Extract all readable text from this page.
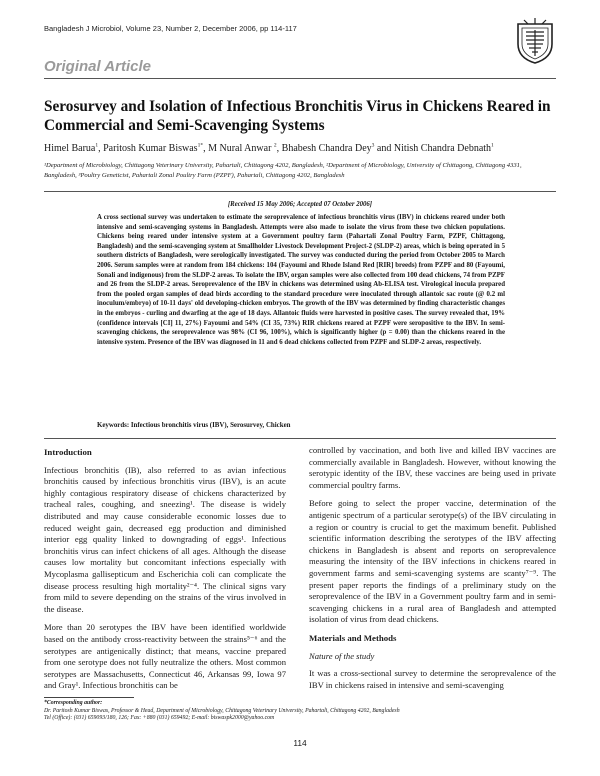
Bangladesh J Microbiol, Volume 23, Number 2, December 2006, pp 114-117
Original Article
Serosurvey and Isolation of Infectious Bronchitis Virus in Chickens Reared in Commercial and Semi-Scavenging Systems
Himel Barua$^1$, Paritosh Kumar Biswas$^{1*}$, M Nural Anwar $^2$, Bhabesh Chandra Dey$^3$ and Nitish Chandra Debnath$^1$
¹Department of Microbiology, Chittagong Veterinary University, Pahartali, Chittagong 4202, Bangladesh, ²Department of Microbiology, University of Chittagong, Chittagong 4331, Bangladesh, ³Poultry Geneticist, Pahartali Zonal Poultry Farm (PZPF), Pahartali, Chittagong 4202, Bangladesh
[Received 15 May 2006; Accepted 07 October 2006]
A cross sectional survey was undertaken to estimate the seroprevalence of infectious bronchitis virus (IBV) in chickens reared under both intensive and semi-scavenging systems in Bangladesh. Attempts were also made to isolate the virus from these two chicken populations. Chickens being reared under intensive system at a Government poultry farm (Pahartali Zonal Poultry Farm, PZPF, Chittagong, Bangladesh) and the semi-scavenging system at Smallholder Livestock Development Project-2 (SLDP-2) areas, which is being operated in 5 southern districts of Bangladesh, were serologically investigated. The survey was conducted during the period from October 2005 to March 2006. Serum samples were at random from 184 chickens: 104 (Fayoumi and Rhode Island Red [RIR] breeds) from PZPF and 80 (Fayoumi, Sonali and indigenous) from the SLDP-2 areas. To isolate the IBV, organ samples were also collected from 100 dead chickens, 74 from PZPF and 26 from the SLDP-2 areas. Seroprevalence of the IBV in chickens was determined using Ab-ELISA test. Virological inocula prepared from the pooled organ samples of dead birds according to the standard procedure were inoculated through allantoic sac route (@ 0.2 ml inoculum/embryo) of 10-11 days' old developing-chicken embryos. The growth of the IBV was determined by finding characteristic changes in the embryos - curling and dwarfing at the age of 18 days. Allantoic fluids were harvested in positive cases. The survey revealed that, 19% (confidence intervals [CI] 11, 27%) Fayoumi and 54% (CI 35, 73%) RIR chickens reared at PZPF were seropositive to the IBV. In semi-scavenging chickens, the seroprevalence was 98% (CI 96, 100%), which is significantly higher (p = 0.00) than the chickens reared in the intensive system. Presence of the IBV was diagnosed in 11 and 6 dead chickens collected from PZPF and SLDP-2 areas, respectively.
Keywords: Infectious bronchitis virus (IBV), Serosurvey, Chicken
Introduction

Infectious bronchitis (IB), also referred to as avian infectious bronchitis caused by infectious bronchitis virus (IBV), is an acute highly contagious respiratory disease of chickens characterized by tracheal rales, coughing, and sneezing¹. The disease is widely distributed and may cause considerable economic losses due to reduced weight gain, decreased egg production and diminished interior egg quality linked to downgrading of eggs¹. Infectious bronchitis virus can infect chickens of all ages. Although the disease causes low mortality but concomitant infections especially with Mycoplasma gallisepticum and Escherichia coli can complicate the disease process resulting high mortality²⁻⁴. The clinical signs vary from mild to severe depending on the strains of the virus involved in the disease.

More than 20 serotypes the IBV have been identified worldwide based on the antibody cross-reactivity between the strains⁵⁻⁶ and the serotypes are antigenically distinct; that means, vaccine prepared from one serotype does not fully neutralize the others. Most common serotypes are Massachusetts, Connecticut 46, Arkansas 99, Iowa 97 and Gray¹. Infectious bronchitis can be

controlled by vaccination, and both live and killed IBV vaccines are commercially available in Bangladesh. However, without knowing the serotypic identity of the IBV, these vaccines are being used in private commercial poultry farms.

Before going to select the proper vaccine, determination of the antigenic spectrum of a particular serotype(s) of the IBV circulating in a region or country is crucial to get the maximum benefit. Published scientific information describing the serotypes of the IBV affecting chickens in Bangladesh is absent and reports on seroprevalence measuring the intensity of the IBV infections in chickens reared in government farms and semi-scavenging systems are scanty⁷⁻⁹. The present paper reports the findings of a preliminary study on the seroprevalence of the IBV in a Government poultry farm and in semi-scavenging chickens in a rural area of Bangladesh and attempted isolation of virus from dead chickens.

Materials and Methods
Nature of the study

It was a cross-sectional survey to determine the seroprevalence of the IBV in chickens raised in intensive and semi-scavenging

*Corresponding author:
Dr. Paritosh Kumar Biswas, Professor & Head, Department of Microbiology, Chittagong Veterinary University, Pahartali, Chittagong 4202, Bangladesh
Tel (Office): (031) 659093/180, 126; Fax: +880 (031) 659492; E-mail: biswaspk2000@yahoo.com
114
